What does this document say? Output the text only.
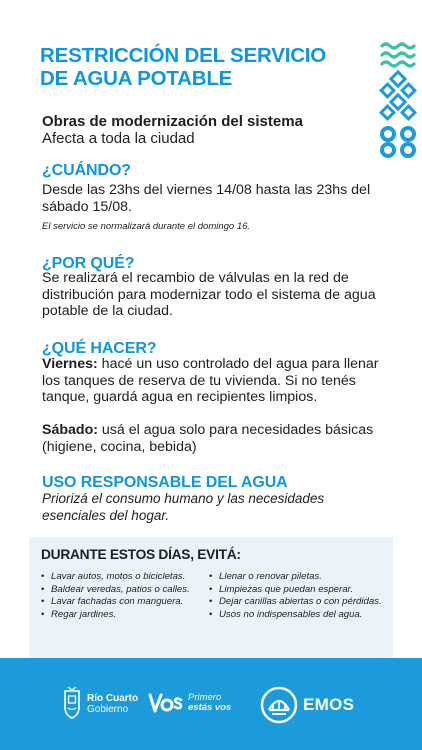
RESTRICCIÓN DEL SERVICIO
DE AGUA POTABLE
Obras de modernización del sistema
Afecta a toda la ciudad
¿CUÁNDO?
Desde las 23hs del viernes 14/08 hasta las 23hs del sábado 15/08.
El servicio se normalizará durante el domingo 16.
¿POR QUÉ?
Se realizará el recambio de válvulas en la red de distribución para modernizar todo el sistema de agua potable de la ciudad.
¿QUÉ HACER?
Viernes: hacé un uso controlado del agua para llenar los tanques de reserva de tu vivienda. Si no tenés tanque, guardá agua en recipientes limpios.
Sábado: usá el agua solo para necesidades básicas (higiene, cocina, bebida)
USO RESPONSABLE DEL AGUA
Priorizá el consumo humano y las necesidades esenciales del hogar.
DURANTE ESTOS DÍAS, EVITÁ:
• Lavar autos, motos o bicicletas.
• Baldear veredas, patios o calles.
• Lavar fachadas con manguera.
• Regar jardines.
• Llenar o renovar piletas.
• Limpiezas que puedan esperar.
• Dejar canillas abiertas o con pérdidas.
• Usos no indispensables del agua.
Río Cuarto
Gobierno
Primero
estás vos	EMOS
